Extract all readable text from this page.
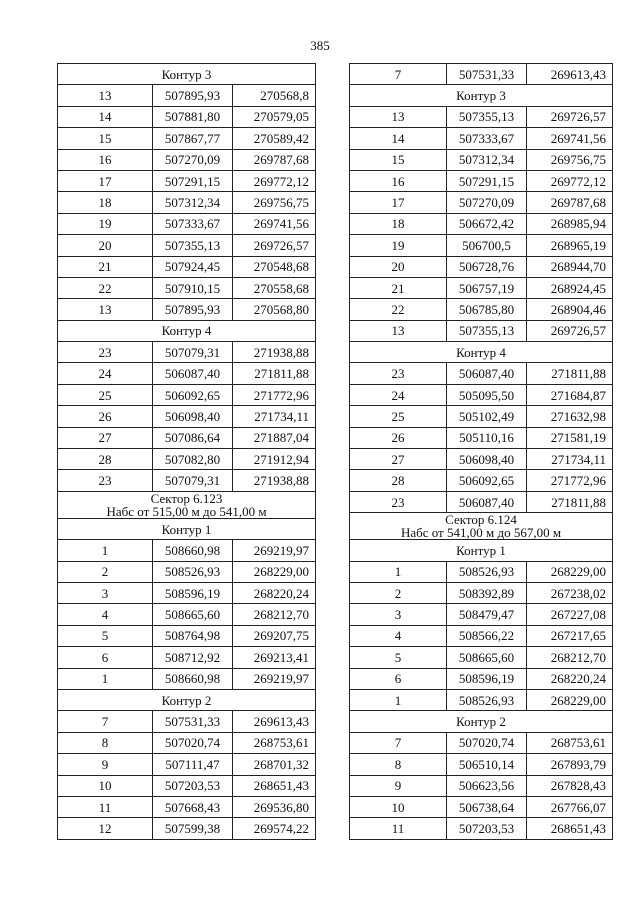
385
Контур 3		
13	507895,93	270568,8
14	507881,80	270579,05
15	507867,77	270589,42
16	507270,09	269787,68
17	507291,15	269772,12
18	507312,34	269756,75
19	507333,67	269741,56
20	507355,13	269726,57
21	507924,45	270548,68
22	507910,15	270558,68
13	507895,93	270568,80
Контур 4		
23	507079,31	271938,88
24	506087,40	271811,88
25	506092,65	271772,96
26	506098,40	271734,11
27	507086,64	271887,04
28	507082,80	271912,94
23	507079,31	271938,88

Сектор 6.123
Набс от 515,00 м до 541,00 м		

Контур 1		
1	508660,98	269219,97
2	508526,93	268229,00
3	508596,19	268220,24
4	508665,60	268212,70
5	508764,98	269207,75
6	508712,92	269213,41
1	508660,98	269219,97
Контур 2		
7	507531,33	269613,43
8	507020,74	268753,61
9	507111,47	268701,32
10	507203,53	268651,43
11	507668,43	269536,80
12	507599,38	269574,22
7	507531,33	269613,43
Контур 3		
13	507355,13	269726,57
14	507333,67	269741,56
15	507312,34	269756,75
16	507291,15	269772,12
17	507270,09	269787,68
18	506672,42	268985,94
19	506700,5	268965,19
20	506728,76	268944,70
21	506757,19	268924,45
22	506785,80	268904,46
13	507355,13	269726,57
Контур 4		
23	506087,40	271811,88
24	505095,50	271684,87
25	505102,49	271632,98
26	505110,16	271581,19
27	506098,40	271734,11
28	506092,65	271772,96
23	506087,40	271811,88

Сектор 6.124
Набс от 541,00 м до 567,00 м		

Контур 1		
1	508526,93	268229,00
2	508392,89	267238,02
3	508479,47	267227,08
4	508566,22	267217,65
5	508665,60	268212,70
6	508596,19	268220,24
1	508526,93	268229,00
Контур 2		
7	507020,74	268753,61
8	506510,14	267893,79
9	506623,56	267828,43
10	506738,64	267766,07
11	507203,53	268651,43
